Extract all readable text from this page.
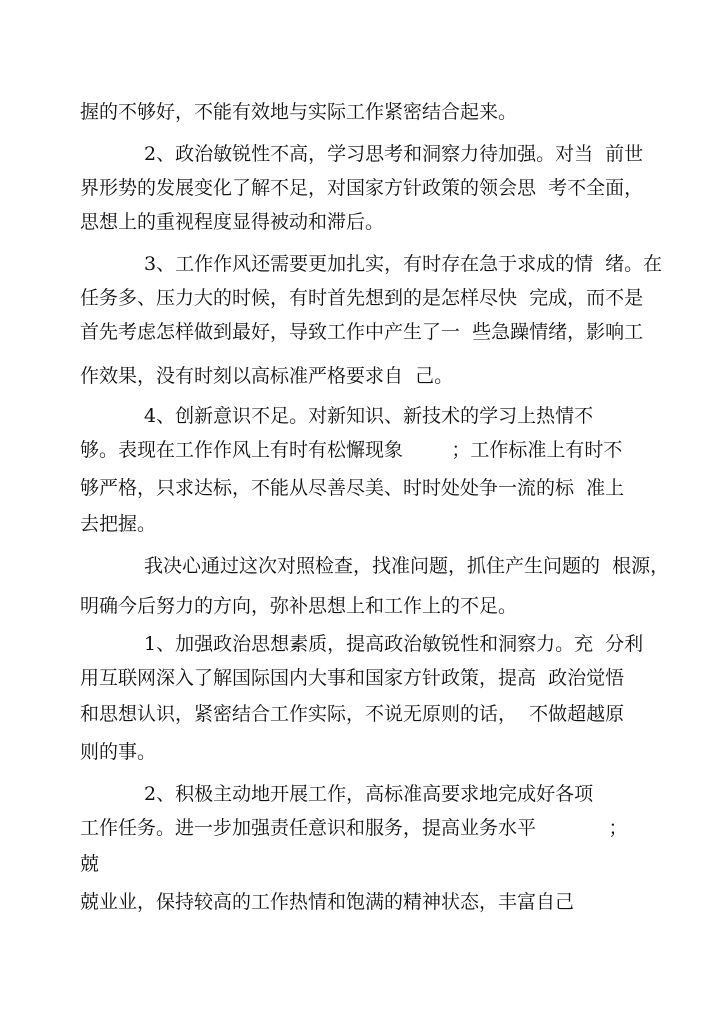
握的不够好，不能有效地与实际工作紧密结合起来。
2、政治敏锐性不高，学习思考和洞察力待加强。对当  前世
界形势的发展变化了解不足，对国家方针政策的领会思  考不全面，
思想上的重视程度显得被动和滞后。
3、工作作风还需要更加扎实，有时存在急于求成的情  绪。在
任务多、压力大的时候，有时首先想到的是怎样尽快  完成，而不是
首先考虑怎样做到最好，导致工作中产生了一  些急躁情绪，影响工
作效果，没有时刻以高标准严格要求自  己。
4、创新意识不足。对新知识、新技术的学习上热情不
够。表现在工作作风上有时有松懈现象        ；工作标准上有时不
够严格，只求达标，不能从尽善尽美、时时处处争一流的标  准上
去把握。
我决心通过这次对照检查，找准问题，抓住产生问题的  根源，
明确今后努力的方向，弥补思想上和工作上的不足。
1、加强政治思想素质，提高政治敏锐性和洞察力。充  分利
用互联网深入了解国际国内大事和国家方针政策，提高  政治觉悟
和思想认识，紧密结合工作实际，不说无原则的话，  不做超越原
则的事。
2、积极主动地开展工作，高标准高要求地完成好各项
工作任务。进一步加强责任意识和服务，提高业务水平            ；
兢
兢业业，保持较高的工作热情和饱满的精神状态，丰富自己
